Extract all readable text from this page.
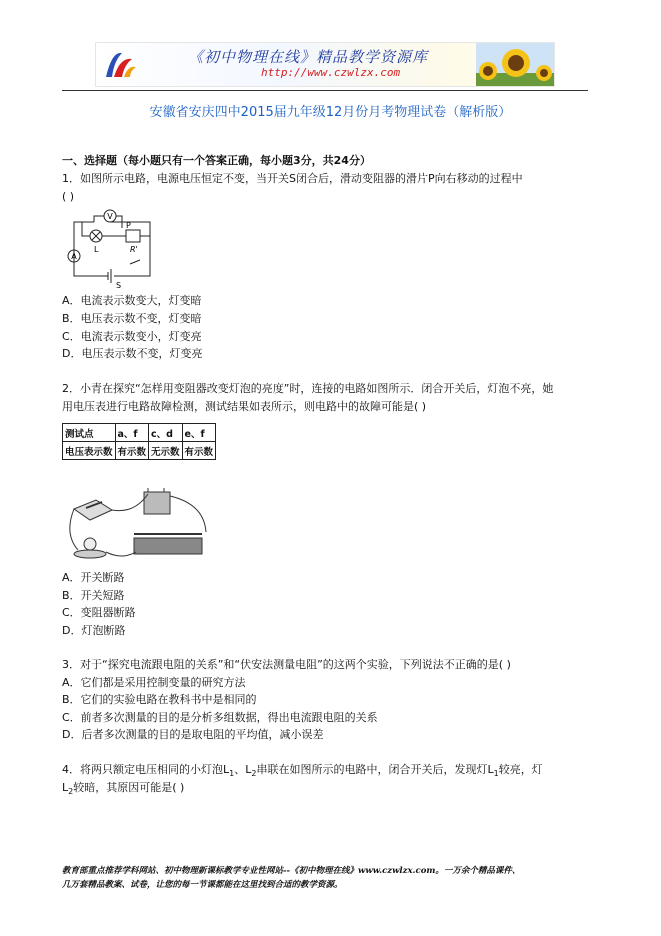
《初中物理在线》精品教学资源库
http://www.czwlzx.com
安徽省安庆四中2015届九年级12月份月考物理试卷（解析版）
一、选择题（每小题只有一个答案正确，每小题3分，共24分）
1．如图所示电路，电源电压恒定不变，当开关S闭合后，滑动变阻器的滑片P向右移动的过程中
( )
V
P
L	R'
A
S
A．电流表示数变大，灯变暗
B．电压表示数不变，灯变暗
C．电流表示数变小，灯变亮
D．电压表示数不变，灯变亮
2．小青在探究“怎样用变阻器改变灯泡的亮度”时，连接的电路如图所示．闭合开关后，灯泡不亮，她
用电压表进行电路故障检测，测试结果如表所示，则电路中的故障可能是( )
测试点	a、f	c、d	e、f
电压表示数	有示数	无示数	有示数
A．开关断路
B．开关短路
C．变阻器断路
D．灯泡断路
3．对于“探究电流跟电阻的关系”和“伏安法测量电阻”的这两个实验，下列说法不正确的是( )
A．它们都是采用控制变量的研究方法
B．它们的实验电路在教科书中是相同的
C．前者多次测量的目的是分析多组数据，得出电流跟电阻的关系
D．后者多次测量的目的是取电阻的平均值，减小误差
4．将两只额定电压相同的小灯泡$L_1$、$L_2$串联在如图所示的电路中，闭合开关后，发现灯$L_1$较亮，灯
$L_2$较暗，其原因可能是( )
教育部重点推荐学科网站、初中物理新课标教学专业性网站--《初中物理在线》www.czwlzx.com。一万余个精品课件、
几万套精品教案、试卷，让您的每一节课都能在这里找到合适的教学资源。
